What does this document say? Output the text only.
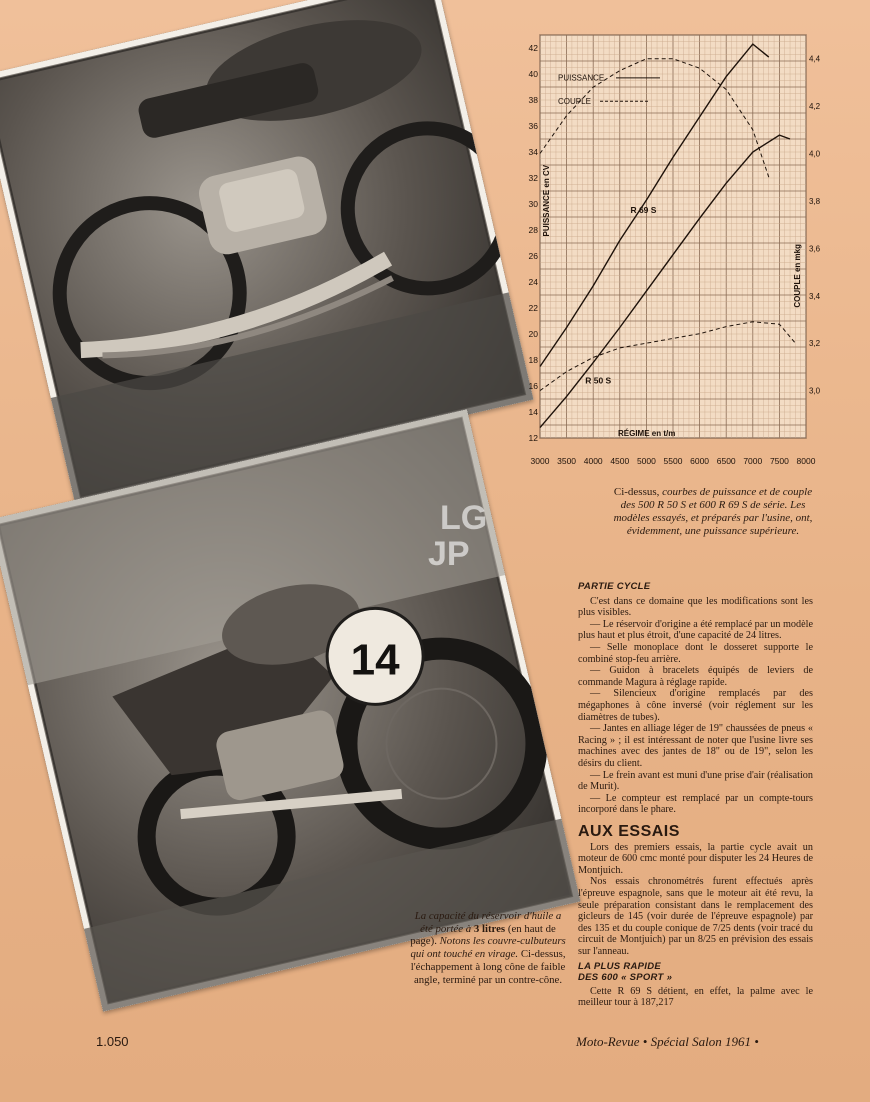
14
LG
JP
3000 3500 4000 4500 5000 5500 6000 6500 7000 7500 8000
12
14
16
18
20
22
24
26
28
30
32
34
36
38
40
42
3,0
3,2
3,4
3,6
3,8
4,0
4,2
4,4
RÉGIME en t/m
PUISSANCE en CV
COUPLE en mkg
PUISSANCE
COUPLE
R 69 S
R 50 S
Ci-dessus, courbes de puissance et de couple des 500 R 50 S et 600 R 69 S de série. Les modèles essayés, et préparés par l'usine, ont, évidemment, une puissance supérieure.
PARTIE CYCLE

C'est dans ce domaine que les modifications sont les plus visibles.

— Le réservoir d'origine a été remplacé par un modèle plus haut et plus étroit, d'une capacité de 24 litres.

— Selle monoplace dont le dosseret supporte le combiné stop-feu arrière.

— Guidon à bracelets équipés de leviers de commande Magura à réglage rapide.

— Silencieux d'origine remplacés par des mégaphones à cône inversé (voir réglement sur les diamètres de tubes).

— Jantes en alliage léger de 19" chaussées de pneus « Racing » ; il est intéressant de noter que l'usine livre ses machines avec des jantes de 18" ou de 19", selon les désirs du client.

— Le frein avant est muni d'une prise d'air (réalisation de Murit).

— Le compteur est remplacé par un compte-tours incorporé dans le phare.

AUX ESSAIS

Lors des premiers essais, la partie cycle avait un moteur de 600 cmc monté pour disputer les 24 Heures de Montjuich.

Nos essais chronométrés furent effectués après l'épreuve espagnole, sans que le moteur ait été revu, la seule préparation consistant dans le remplacement des gicleurs de 145 (voir durée de l'épreuve espagnole) par des 135 et du couple conique de 7/25 dents (voir tracé du circuit de Montjuich) par un 8/25 en prévision des essais sur l'anneau.

LA PLUS RAPIDE
DES 600 « SPORT »

Cette R 69 S détient, en effet, la palme avec le meilleur tour à 187,217

La capacité du réservoir d'huile a été portée à 3 litres (en haut de page). Notons les couvre-culbuteurs qui ont touché en virage. Ci-dessus, l'échappement à long cône de faible angle, terminé par un contre-cône.
1.050	Moto-Revue • Spécial Salon 1961 •
